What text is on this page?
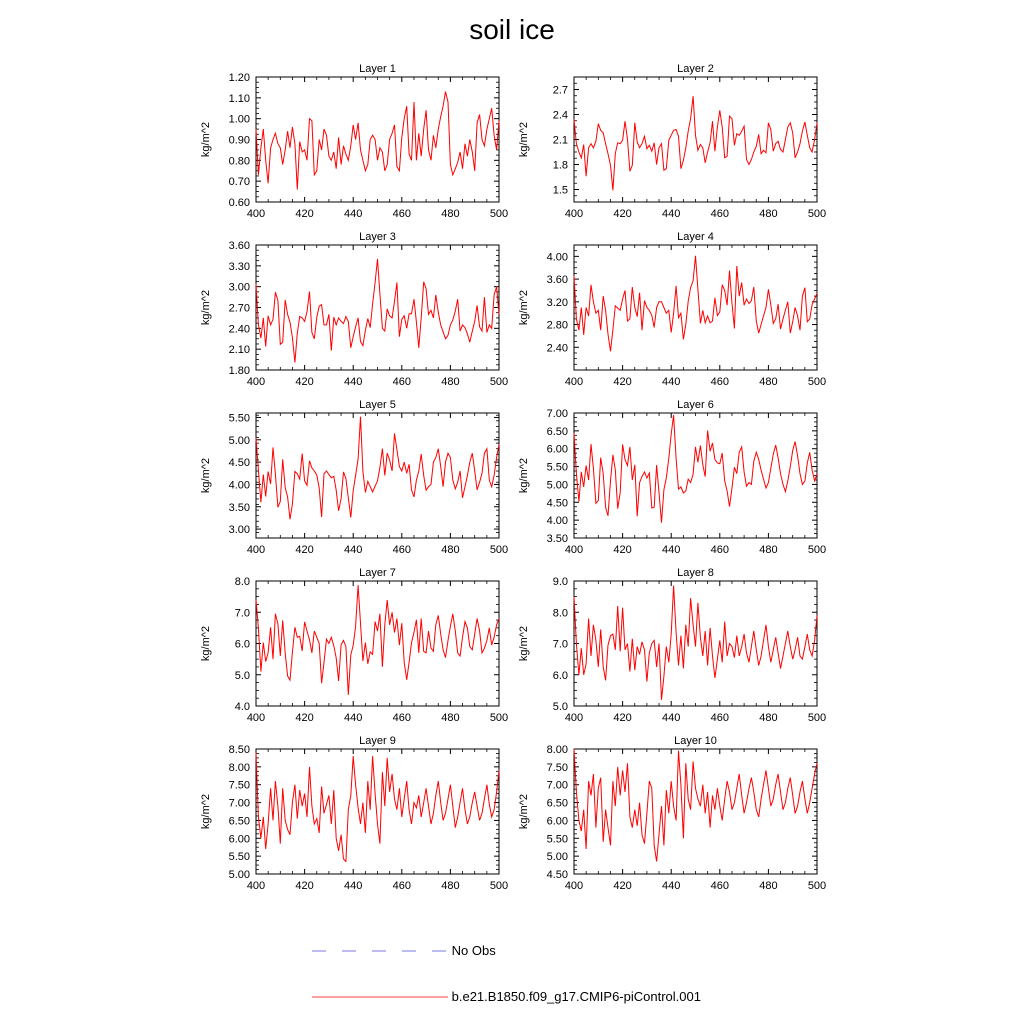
soil ice
Layer 1
kg/m^2
400	420	440	460	480	500
0.60
0.70
0.80
0.90
1.00
1.10
1.20
Layer 2
kg/m^2
400	420	440	460	480	500
1.5
1.8
2.1
2.4
2.7
Layer 3
kg/m^2
400	420	440	460	480	500
1.80
2.10
2.40
2.70
3.00
3.30
3.60
Layer 4
kg/m^2
400	420	440	460	480	500
2.40
2.80
3.20
3.60
4.00
Layer 5
kg/m^2
400	420	440	460	480	500
3.00
3.50
4.00
4.50
5.00
5.50
Layer 6
kg/m^2
400	420	440	460	480	500
3.50
4.00
4.50
5.00
5.50
6.00
6.50
7.00
Layer 7
kg/m^2
400	420	440	460	480	500
4.0
5.0
6.0
7.0
8.0
Layer 8
kg/m^2
400	420	440	460	480	500
5.0
6.0
7.0
8.0
9.0
Layer 9
kg/m^2
400	420	440	460	480	500
5.00
5.50
6.00
6.50
7.00
7.50
8.00
8.50
Layer 10
kg/m^2
400	420	440	460	480	500
4.50
5.00
5.50
6.00
6.50
7.00
7.50
8.00
No Obs
b.e21.B1850.f09_g17.CMIP6-piControl.001
